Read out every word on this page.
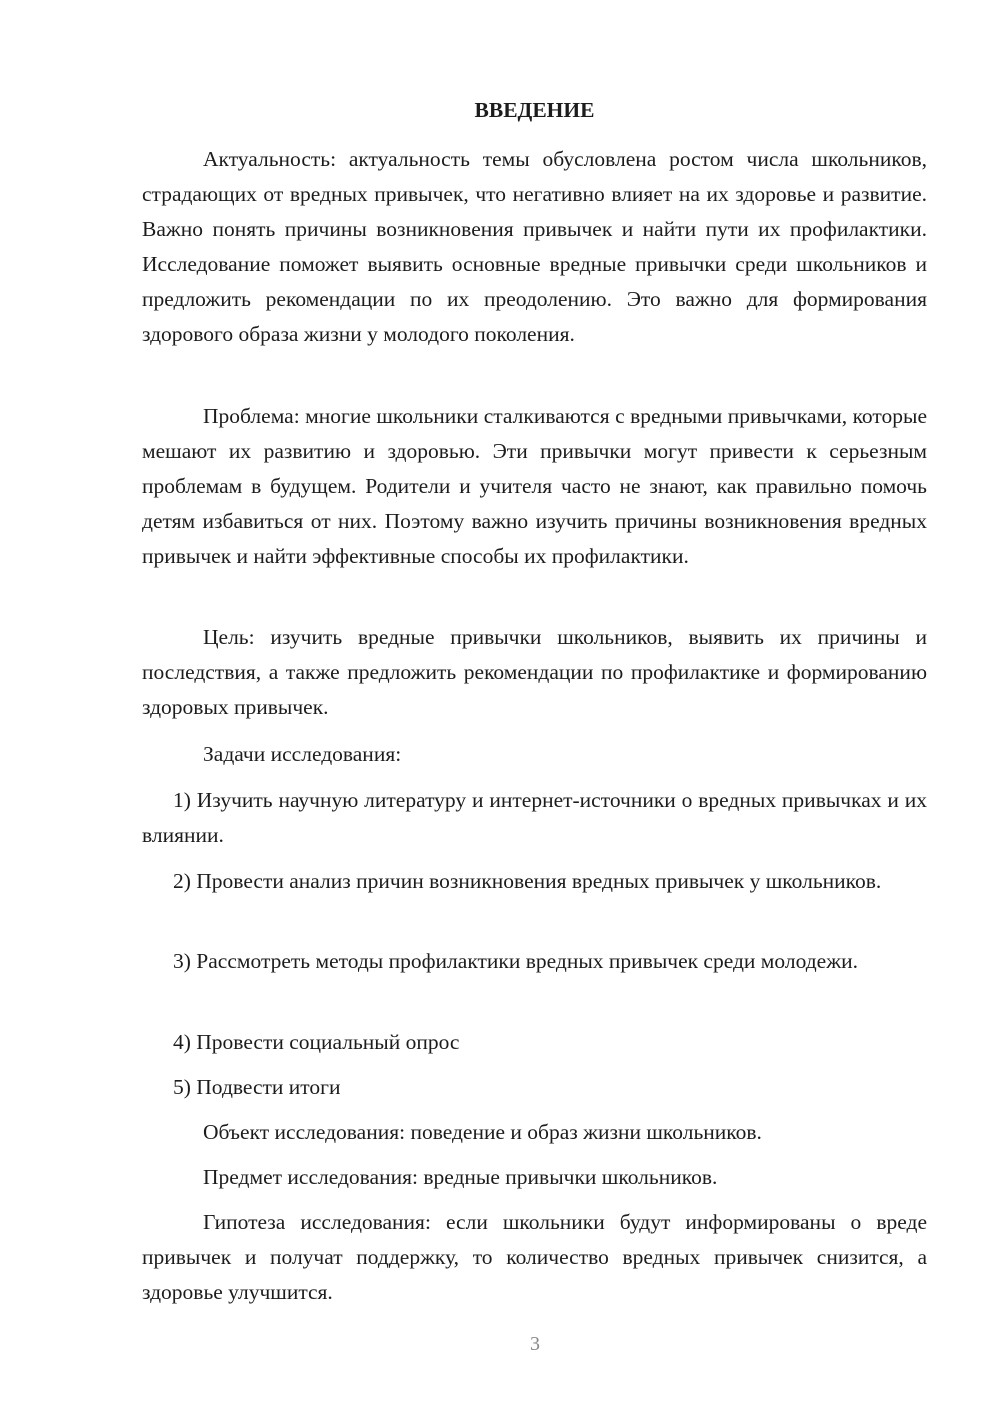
ВВЕДЕНИЕ

Актуальность: актуальность темы обусловлена ростом числа школьников, страдающих от вредных привычек, что негативно влияет на их здоровье и развитие. Важно понять причины возникновения привычек и найти пути их профилактики. Исследование поможет выявить основные вредные привычки среди школьников и предложить рекомендации по их преодолению. Это важно для формирования здорового образа жизни у молодого поколения.

Проблема: многие школьники сталкиваются с вредными привычками, которые мешают их развитию и здоровью. Эти привычки могут привести к серьезным проблемам в будущем. Родители и учителя часто не знают, как правильно помочь детям избавиться от них. Поэтому важно изучить причины возникновения вредных привычек и найти эффективные способы их профилактики.

Цель: изучить вредные привычки школьников, выявить их причины и последствия, а также предложить рекомендации по профилактике и формированию здоровых привычек.

Задачи исследования:

1) Изучить научную литературу и интернет-источники о вредных привычках и их влиянии.

2) Провести анализ причин возникновения вредных привычек у школьников.

3) Рассмотреть методы профилактики вредных привычек среди молодежи.

4) Провести социальный опрос

5) Подвести итоги

Объект исследования: поведение и образ жизни школьников.

Предмет исследования: вредные привычки школьников.

Гипотеза исследования: если школьники будут информированы о вреде привычек и получат поддержку, то количество вредных привычек снизится, а здоровье улучшится.

3
